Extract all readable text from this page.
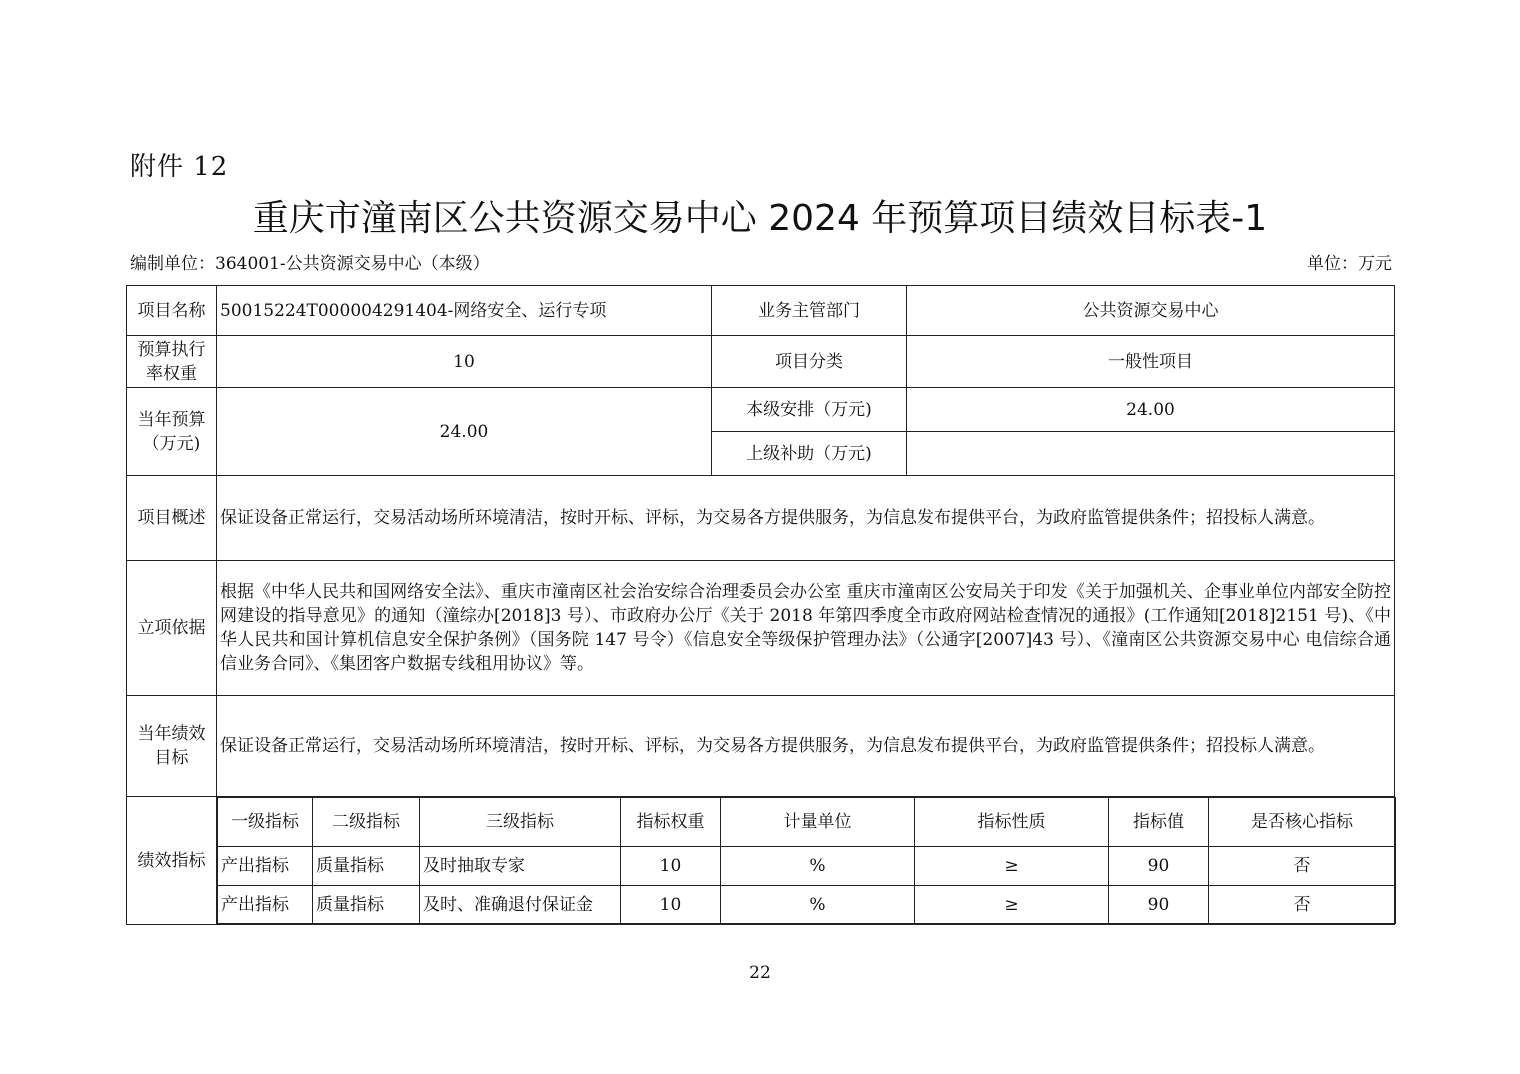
附件 12
重庆市潼南区公共资源交易中心 2024 年预算项目绩效目标表-1
编制单位：364001-公共资源交易中心（本级）	单位：万元
项目名称	50015224T000004291404-网络安全、运行专项	业务主管部门	公共资源交易中心
预算执行率权重	10	项目分类	一般性项目
当年预算（万元)	24.00	本级安排（万元)	24.00
上级补助（万元)	
项目概述	保证设备正常运行，交易活动场所环境清洁，按时开标、评标，为交易各方提供服务，为信息发布提供平台，为政府监管提供条件；招投标人满意。
立项依据	根据《中华人民共和国网络安全法》、重庆市潼南区社会治安综合治理委员会办公室 重庆市潼南区公安局关于印发《关于加强机关、企事业单位内部安全防控网建设的指导意见》的通知（潼综办[2018]3 号）、市政府办公厅《关于 2018 年第四季度全市政府网站检查情况的通报》(工作通知[2018]2151 号)、《中华人民共和国计算机信息安全保护条例》（国务院 147 号令）《信息安全等级保护管理办法》（公通字[2007]43 号）、《潼南区公共资源交易中心 电信综合通信业务合同》、《集团客户数据专线租用协议》等。
当年绩效目标	保证设备正常运行，交易活动场所环境清洁，按时开标、评标，为交易各方提供服务，为信息发布提供平台，为政府监管提供条件；招投标人满意。
绩效指标	
一级指标	二级指标	三级指标	指标权重	计量单位	指标性质	指标值	是否核心指标
产出指标	质量指标	及时抽取专家	10	%	≥	90	否
产出指标	质量指标	及时、准确退付保证金	10	%	≥	90	否
22
